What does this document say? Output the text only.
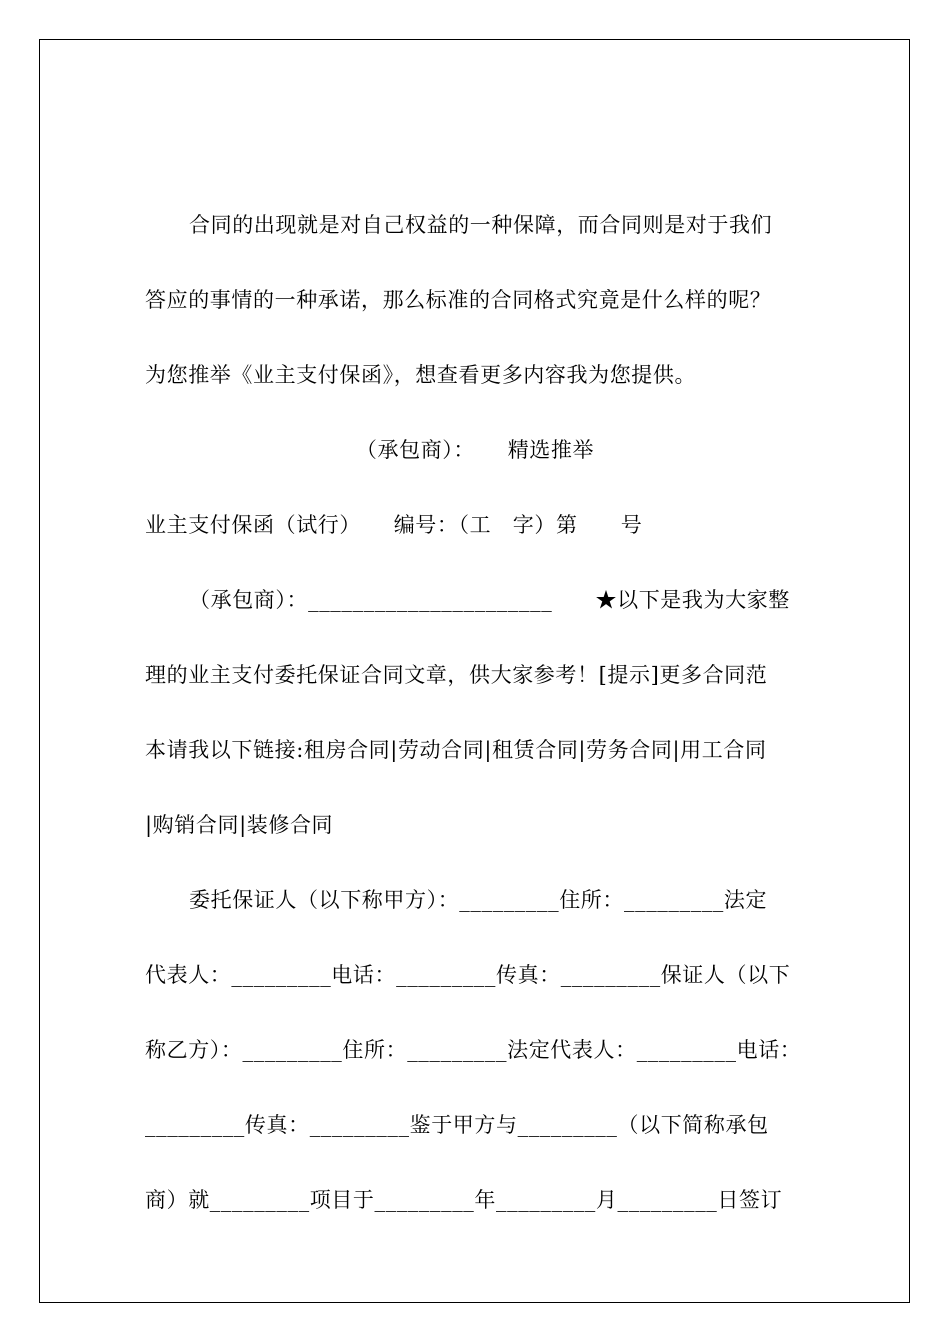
合同的出现就是对自己权益的一种保障，而合同则是对于我们
答应的事情的一种承诺，那么标准的合同格式究竟是什么样的呢？
为您推举《业主支付保函》，想查看更多内容我为您提供。
（承包商）：　　精选推举
业主支付保函（试行）　　编号：（工　字）第　　号
（承包商）：______________________　　★以下是我为大家整
理的业主支付委托保证合同文章，供大家参考！[提示]更多合同范
本请我以下链接:租房合同|劳动合同|租赁合同|劳务合同|用工合同
|购销合同|装修合同
委托保证人（以下称甲方）：_________住所：_________法定
代表人：_________电话：_________传真：_________保证人（以下
称乙方）：_________住所：_________法定代表人：_________电话：
_________传真：_________鉴于甲方与_________（以下简称承包
商）就_________项目于_________年_________月_________日签订
